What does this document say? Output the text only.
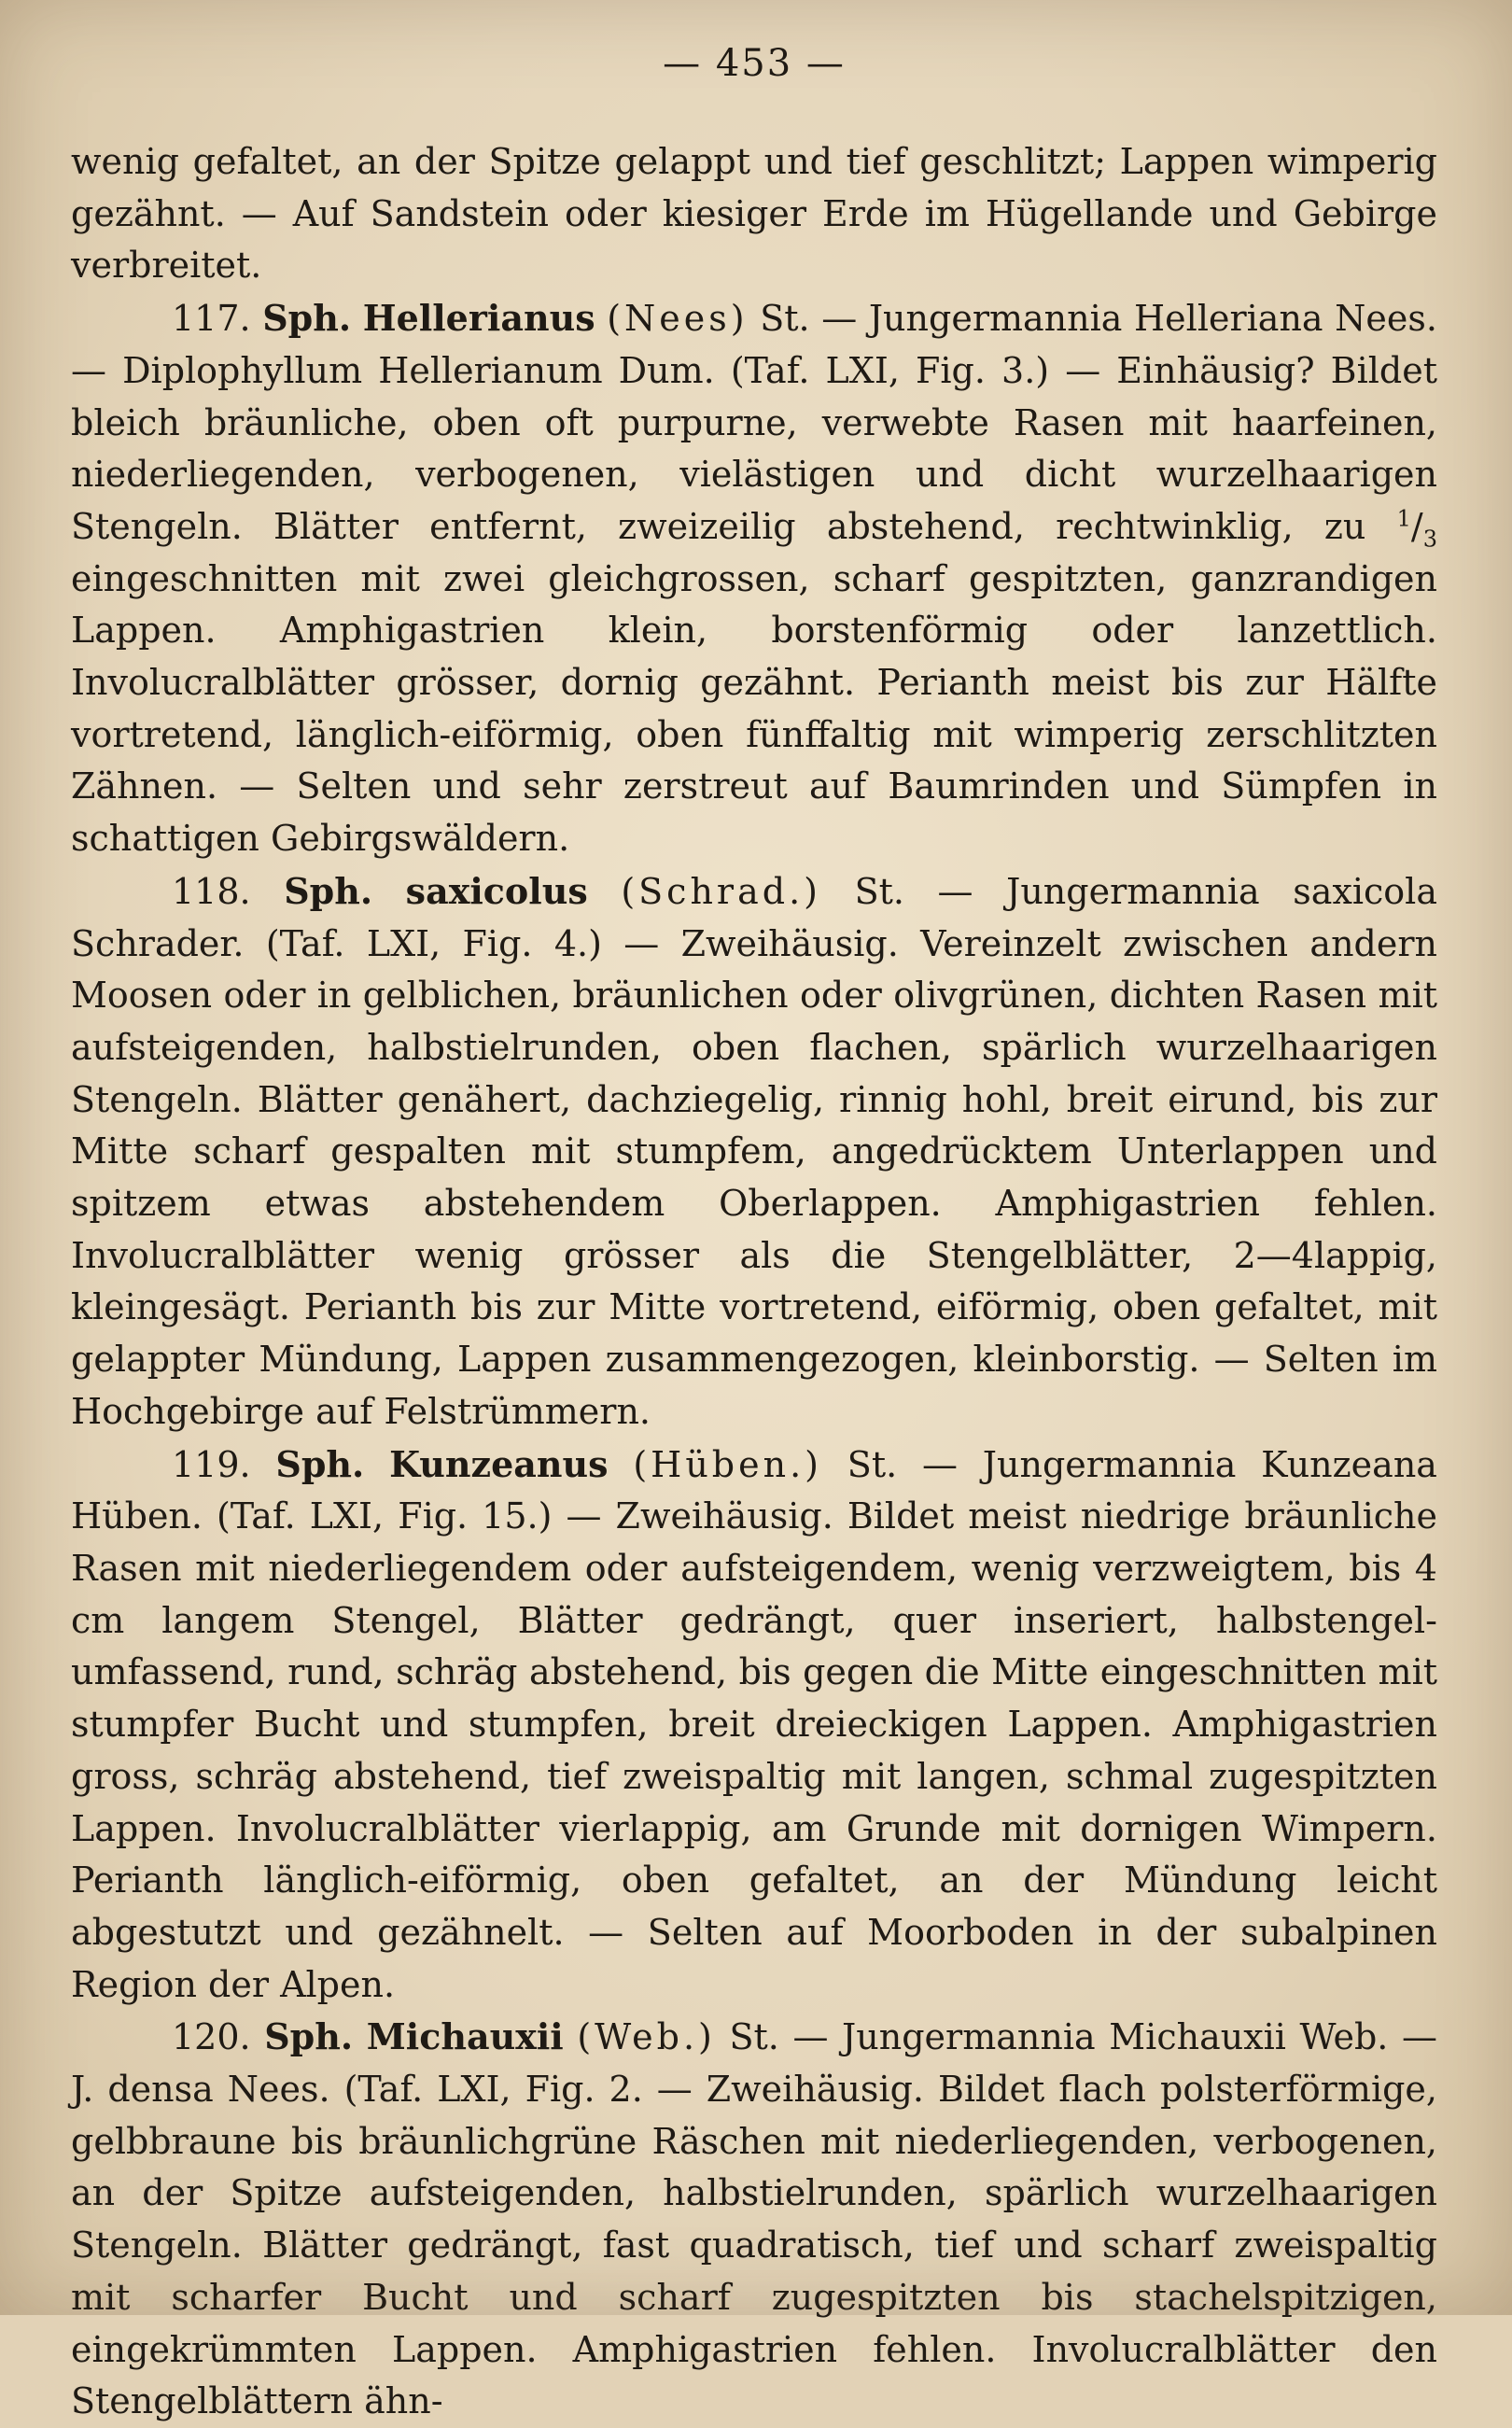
— 453 —

wenig gefaltet, an der Spitze gelappt und tief geschlitzt; Lappen wimperig gezähnt. — Auf Sandstein oder kiesiger Erde im Hügellande und Gebirge verbreitet.

117. Sph. Hellerianus (Nees) St. — Jungermannia Helleriana Nees. — Diplophyllum Hellerianum Dum. (Taf. LXI, Fig. 3.) — Einhäusig? Bildet bleich bräunliche, oben oft purpurne, verwebte Rasen mit haarfeinen, niederliegenden, verbogenen, vielästigen und dicht wurzelhaarigen Stengeln. Blätter entfernt, zweizeilig abstehend, rechtwinklig, zu $^1/_3$ eingeschnitten mit zwei gleichgrossen, scharf gespitzten, ganzrandigen Lappen. Amphigastrien klein, borstenförmig oder lanzettlich. Involucralblätter grösser, dornig gezähnt. Perianth meist bis zur Hälfte vortretend, länglich-eiförmig, oben fünffaltig mit wimperig zerschlitzten Zähnen. — Selten und sehr zerstreut auf Baumrinden und Sümpfen in schattigen Gebirgswäldern.

118. Sph. saxicolus (Schrad.) St. — Jungermannia saxicola Schrader. (Taf. LXI, Fig. 4.) — Zweihäusig. Vereinzelt zwischen andern Moosen oder in gelblichen, bräunlichen oder olivgrünen, dichten Rasen mit aufsteigenden, halbstielrunden, oben flachen, spärlich wurzelhaarigen Stengeln. Blätter genähert, dachziegelig, rinnig hohl, breit eirund, bis zur Mitte scharf gespalten mit stumpfem, angedrücktem Unterlappen und spitzem etwas abstehendem Oberlappen. Amphigastrien fehlen. Involucralblätter wenig grösser als die Stengelblätter, 2—4lappig, kleingesägt. Perianth bis zur Mitte vortretend, eiförmig, oben gefaltet, mit gelappter Mündung, Lappen zusammengezogen, kleinborstig. — Selten im Hochgebirge auf Felstrümmern.

119. Sph. Kunzeanus (Hüben.) St. — Jungermannia Kunzeana Hüben. (Taf. LXI, Fig. 15.) — Zweihäusig. Bildet meist niedrige bräunliche Rasen mit niederliegendem oder aufsteigendem, wenig verzweigtem, bis 4 cm langem Stengel, Blätter gedrängt, quer inseriert, halbstengel-umfassend, rund, schräg abstehend, bis gegen die Mitte eingeschnitten mit stumpfer Bucht und stumpfen, breit dreieckigen Lappen. Amphigastrien gross, schräg abstehend, tief zweispaltig mit langen, schmal zugespitzten Lappen. Involucralblätter vierlappig, am Grunde mit dornigen Wimpern. Perianth länglich-eiförmig, oben gefaltet, an der Mündung leicht abgestutzt und gezähnelt. — Selten auf Moorboden in der subalpinen Region der Alpen.

120. Sph. Michauxii (Web.) St. — Jungermannia Michauxii Web. — J. densa Nees. (Taf. LXI, Fig. 2. — Zweihäusig. Bildet flach polsterförmige, gelbbraune bis bräunlichgrüne Räschen mit niederliegenden, verbogenen, an der Spitze aufsteigenden, halbstielrunden, spärlich wurzelhaarigen Stengeln. Blätter gedrängt, fast quadratisch, tief und scharf zweispaltig mit scharfer Bucht und scharf zugespitzten bis stachelspitzigen, eingekrümmten Lappen. Amphigastrien fehlen. Involucralblätter den Stengelblättern ähn-
